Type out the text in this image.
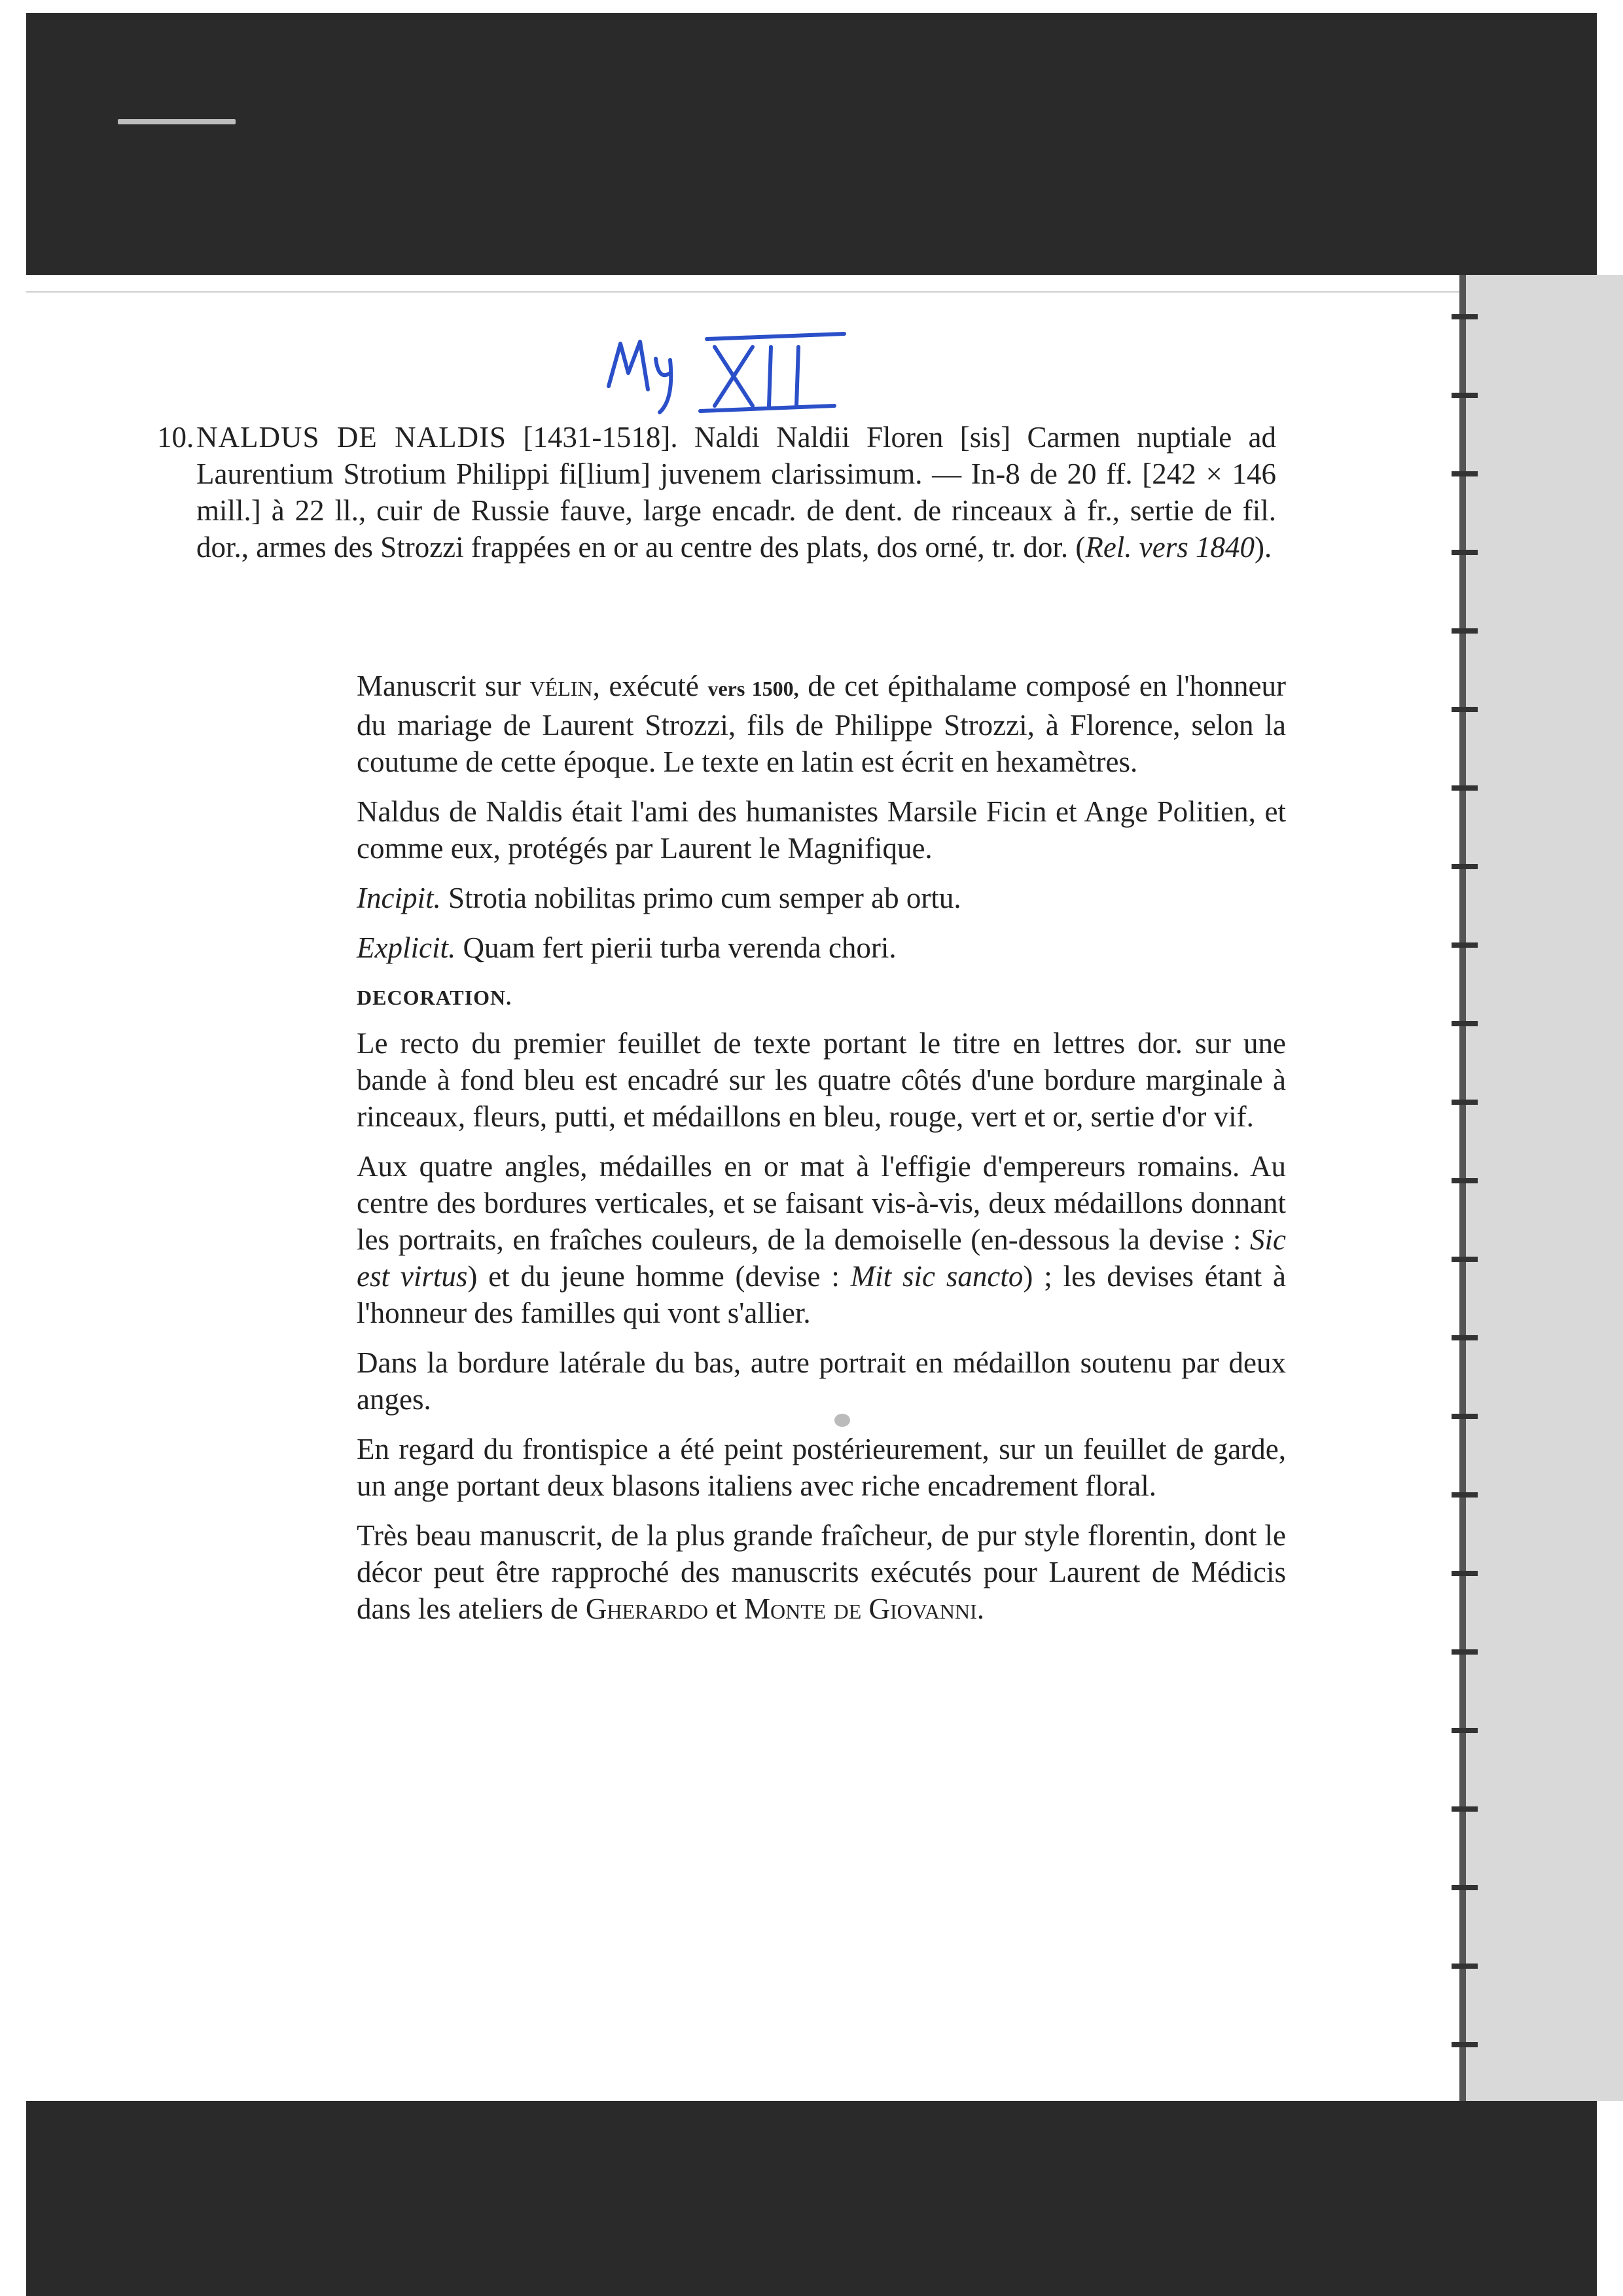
10. NALDUS DE NALDIS [1431-1518]. Naldi Naldii Floren [sis] Carmen nuptiale ad Laurentium Strotium Philippi fi[lium] juvenem clarissimum. — In-8 de 20 ff. [242 × 146 mill.] à 22 ll., cuir de Russie fauve, large encadr. de dent. de rinceaux à fr., sertie de fil. dor., armes des Strozzi frappées en or au centre des plats, dos orné, tr. dor. (Rel. vers 1840).

Manuscrit sur vélin, exécuté vers 1500, de cet épithalame composé en l'honneur du mariage de Laurent Strozzi, fils de Philippe Strozzi, à Florence, selon la coutume de cette époque. Le texte en latin est écrit en hexamètres.

Naldus de Naldis était l'ami des humanistes Marsile Ficin et Ange Politien, et comme eux, protégés par Laurent le Magnifique.

Incipit. Strotia nobilitas primo cum semper ab ortu.

Explicit. Quam fert pierii turba verenda chori.

DECORATION.

Le recto du premier feuillet de texte portant le titre en lettres dor. sur une bande à fond bleu est encadré sur les quatre côtés d'une bordure marginale à rinceaux, fleurs, putti, et médaillons en bleu, rouge, vert et or, sertie d'or vif.

Aux quatre angles, médailles en or mat à l'effigie d'empereurs romains. Au centre des bordures verticales, et se faisant vis-à-vis, deux médaillons donnant les portraits, en fraîches couleurs, de la demoiselle (en-dessous la devise : Sic est virtus) et du jeune homme (devise : Mit sic sancto) ; les devises étant à l'honneur des familles qui vont s'allier.

Dans la bordure latérale du bas, autre portrait en médaillon soutenu par deux anges.

En regard du frontispice a été peint postérieurement, sur un feuillet de garde, un ange portant deux blasons italiens avec riche encadrement floral.

Très beau manuscrit, de la plus grande fraîcheur, de pur style florentin, dont le décor peut être rapproché des manuscrits exécutés pour Laurent de Médicis dans les ateliers de Gherardo et Monte de Giovanni.
